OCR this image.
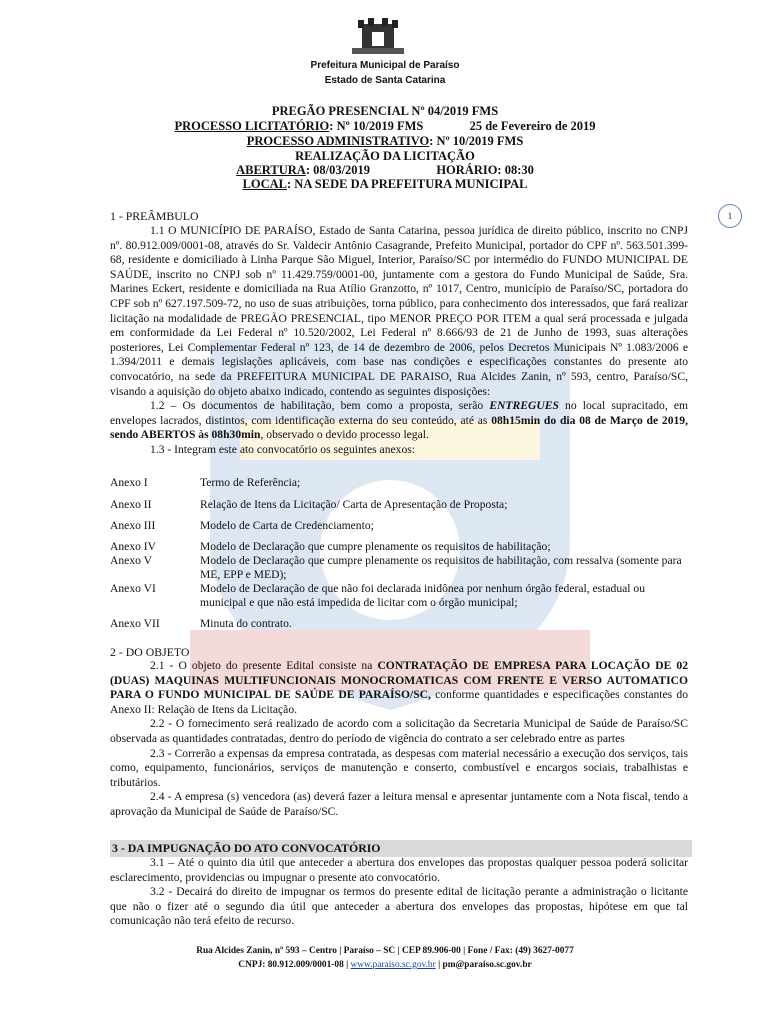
Prefeitura Municipal de Paraíso
Estado de Santa Catarina
PREGÃO PRESENCIAL Nº 04/2019 FMS
PROCESSO LICITATÓRIO: Nº 10/2019 FMS	25 de Fevereiro de 2019
PROCESSO ADMINISTRATIVO: Nº 10/2019 FMS
REALIZAÇÃO DA LICITAÇÃO
ABERTURA: 08/03/2019	HORÁRIO: 08:30
LOCAL: NA SEDE DA PREFEITURA MUNICIPAL
1
1 - PREÂMBULO

1.1 O MUNICÍPIO DE PARAÍSO, Estado de Santa Catarina, pessoa jurídica de direito público, inscrito no CNPJ nº. 80.912.009/0001-08, através do Sr. Valdecir Antônio Casagrande, Prefeito Municipal, portador do CPF nº. 563.501.399-68, residente e domiciliado à Linha Parque São Miguel, Interior, Paraíso/SC por intermédio do FUNDO MUNICIPAL DE SAÚDE, inscrito no CNPJ sob nº 11.429.759/0001-00, juntamente com a gestora do Fundo Municipal de Saúde, Sra. Marines Eckert, residente e domiciliada na Rua Atílio Granzotto, nº 1017, Centro, município de Paraíso/SC, portadora do CPF sob nº 627.197.509-72, no uso de suas atribuições, torna público, para conhecimento dos interessados, que fará realizar licitação na modalidade de PREGÃO PRESENCIAL, tipo MENOR PREÇO POR ITEM a qual será processada e julgada em conformidade da Lei Federal nº 10.520/2002, Lei Federal nº 8.666/93 de 21 de Junho de 1993, suas alterações posteriores, Lei Complementar Federal nº 123, de 14 de dezembro de 2006, pelos Decretos Municipais Nº 1.083/2006 e 1.394/2011 e demais legislações aplicáveis, com base nas condições e especificações constantes do presente ato convocatório, na sede da PREFEITURA MUNICIPAL DE PARAISO, Rua Alcides Zanin, nº 593, centro, Paraíso/SC, visando a aquisição do objeto abaixo indicado, contendo as seguintes disposições:

1.2 – Os documentos de habilitação, bem como a proposta, serão ENTREGUES no local supracitado, em envelopes lacrados, distintos, com identificação externa do seu conteúdo, até as 08h15min do dia 08 de Março de 2019, sendo ABERTOS às 08h30min, observado o devido processo legal.

1.3 - Integram este ato convocatório os seguintes anexos:

Anexo I	Termo de Referência;
Anexo II	Relação de Itens da Licitação/ Carta de Apresentação de Proposta;
Anexo III	Modelo de Carta de Credenciamento;
Anexo IV	Modelo de Declaração que cumpre plenamente os requisitos de habilitação;
Anexo V	Modelo de Declaração que cumpre plenamente os requisitos de habilitação, com ressalva (somente para ME, EPP e MED);
Anexo VI	Modelo de Declaração de que não foi declarada inidônea por nenhum órgão federal, estadual ou municipal e que não está impedida de licitar com o órgão municipal;
Anexo VII	Minuta do contrato.
2 - DO OBJETO

2.1 - O objeto do presente Edital consiste na CONTRATAÇÃO DE EMPRESA PARA LOCAÇÃO DE 02 (DUAS) MAQUINAS MULTIFUNCIONAIS MONOCROMATICAS COM FRENTE E VERSO AUTOMATICO PARA O FUNDO MUNICIPAL DE SAÚDE DE PARAÍSO/SC, conforme quantidades e especificações constantes do Anexo II: Relação de Itens da Licitação.

2.2 - O fornecimento será realizado de acordo com a solicitação da Secretaria Municipal de Saúde de Paraíso/SC observada as quantidades contratadas, dentro do período de vigência do contrato a ser celebrado entre as partes

2.3 - Correrão a expensas da empresa contratada, as despesas com material necessário a execução dos serviços, tais como, equipamento, funcionários, serviços de manutenção e conserto, combustível e encargos sociais, trabalhistas e tributários.

2.4 - A empresa (s) vencedora (as) deverá fazer a leitura mensal e apresentar juntamente com a Nota fiscal, tendo a aprovação da Municipal de Saúde de Paraíso/SC.

3 - DA IMPUGNAÇÃO DO ATO CONVOCATÓRIO

3.1 – Até o quinto dia útil que anteceder a abertura dos envelopes das propostas qualquer pessoa poderá solicitar esclarecimento, providencias ou impugnar o presente ato convocatório.

3.2 - Decairá do direito de impugnar os termos do presente edital de licitação perante a administração o licitante que não o fizer até o segundo dia útil que anteceder a abertura dos envelopes das propostas, hipótese em que tal comunicação não terá efeito de recurso.

Rua Alcides Zanin, nº 593 – Centro | Paraíso – SC | CEP 89.906-00 | Fone / Fax: (49) 3627-0077
CNPJ: 80.912.009/0001-08 | www.paraiso.sc.gov.br | pm@paraiso.sc.gov.br
